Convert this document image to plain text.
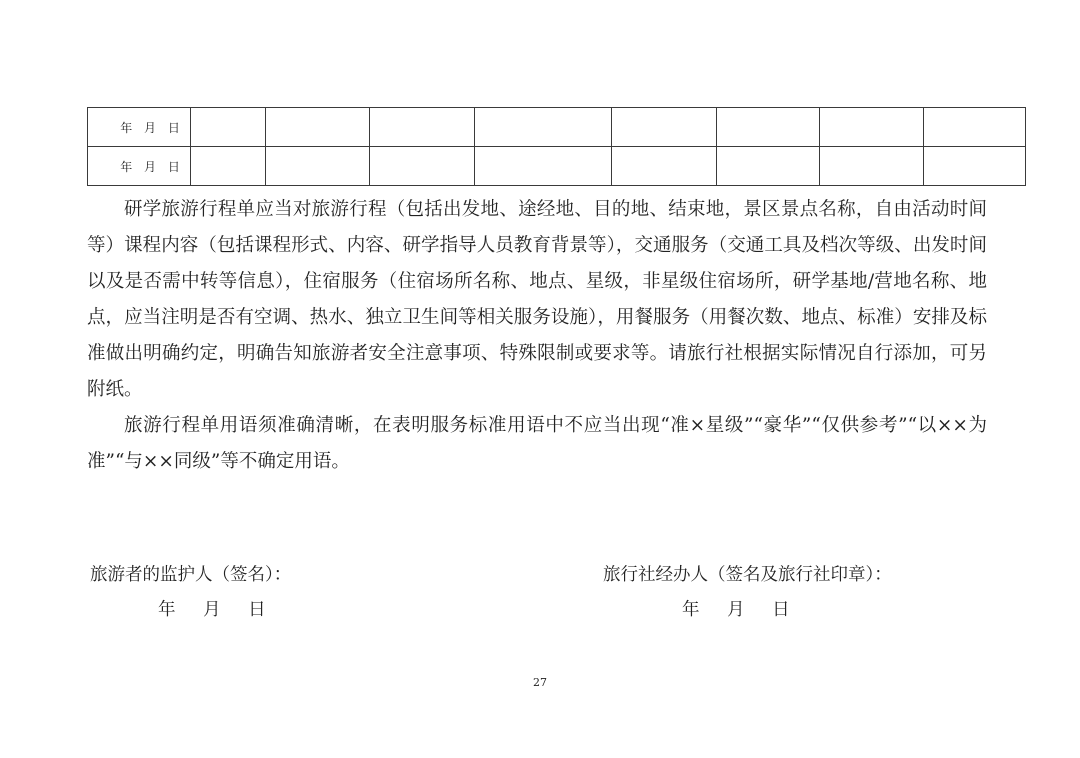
年 月 日								
年 月 日								

研学旅游行程单应当对旅游行程（包括出发地、途经地、目的地、结束地，景区景点名称，自由活动时间等）课程内容（包括课程形式、内容、研学指导人员教育背景等），交通服务（交通工具及档次等级、出发时间以及是否需中转等信息），住宿服务（住宿场所名称、地点、星级，非星级住宿场所，研学基地/营地名称、地点，应当注明是否有空调、热水、独立卫生间等相关服务设施），用餐服务（用餐次数、地点、标准）安排及标准做出明确约定，明确告知旅游者安全注意事项、特殊限制或要求等。请旅行社根据实际情况自行添加，可另附纸。

旅游行程单用语须准确清晰，在表明服务标准用语中不应当出现“准×星级”“豪华”“仅供参考”“以××为准”“与××同级”等不确定用语。

旅游者的监护人（签名）：
年 月 日
旅行社经办人（签名及旅行社印章）：
年 月 日
27
